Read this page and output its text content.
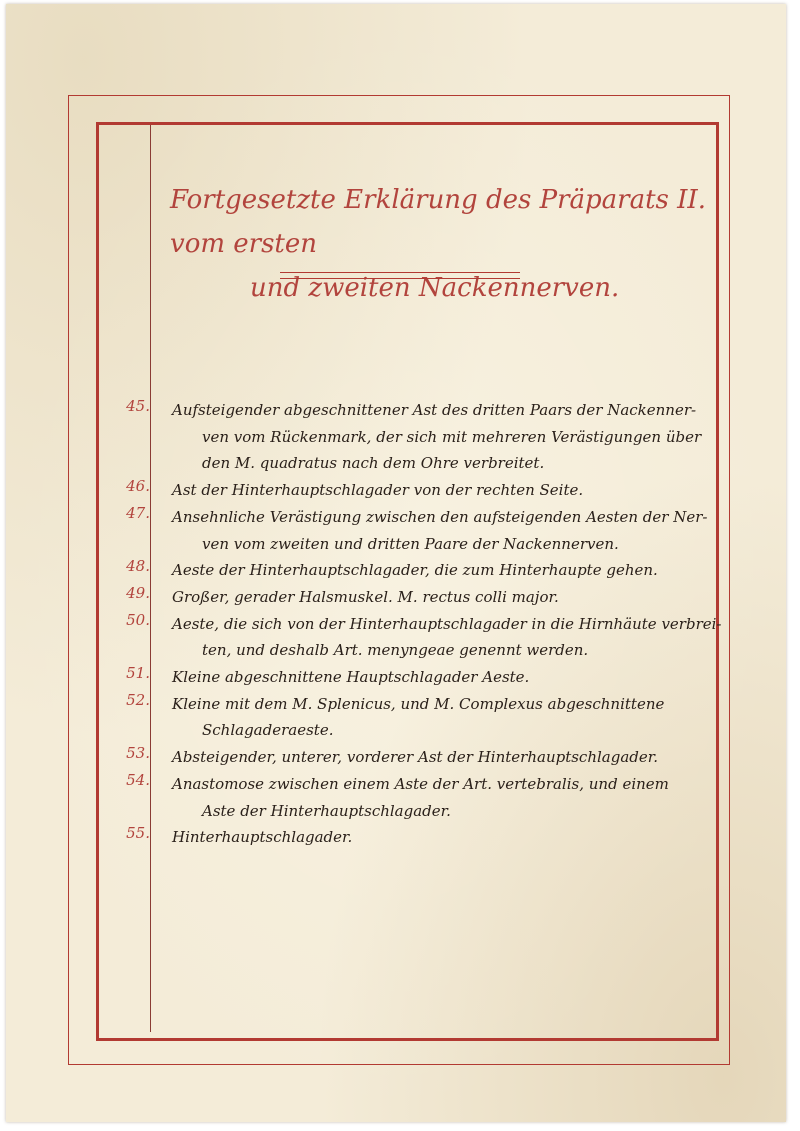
Fortgesetzte Erklärung des Präparats II. vom ersten
und zweiten Nackennerven.
45. Aufsteigender abgeschnittener Ast des dritten Paars der Nackenner-
ven vom Rückenmark, der sich mit mehreren Verästigungen über
den M. quadratus nach dem Ohre verbreitet.
46. Ast der Hinterhauptschlagader von der rechten Seite.
47. Ansehnliche Verästigung zwischen den aufsteigenden Aesten der Ner-
ven vom zweiten und dritten Paare der Nackennerven.
48. Aeste der Hinterhauptschlagader, die zum Hinterhaupte gehen.
49. Großer, gerader Halsmuskel. M. rectus colli major.
50. Aeste, die sich von der Hinterhauptschlagader in die Hirnhäute verbrei-
ten, und deshalb Art. menyngeae genennt werden.
51. Kleine abgeschnittene Hauptschlagader Aeste.
52. Kleine mit dem M. Splenicus, und M. Complexus abgeschnittene
Schlagaderaeste.
53. Absteigender, unterer, vorderer Ast der Hinterhauptschlagader.
54. Anastomose zwischen einem Aste der Art. vertebralis, und einem
Aste der Hinterhauptschlagader.
55. Hinterhauptschlagader.
